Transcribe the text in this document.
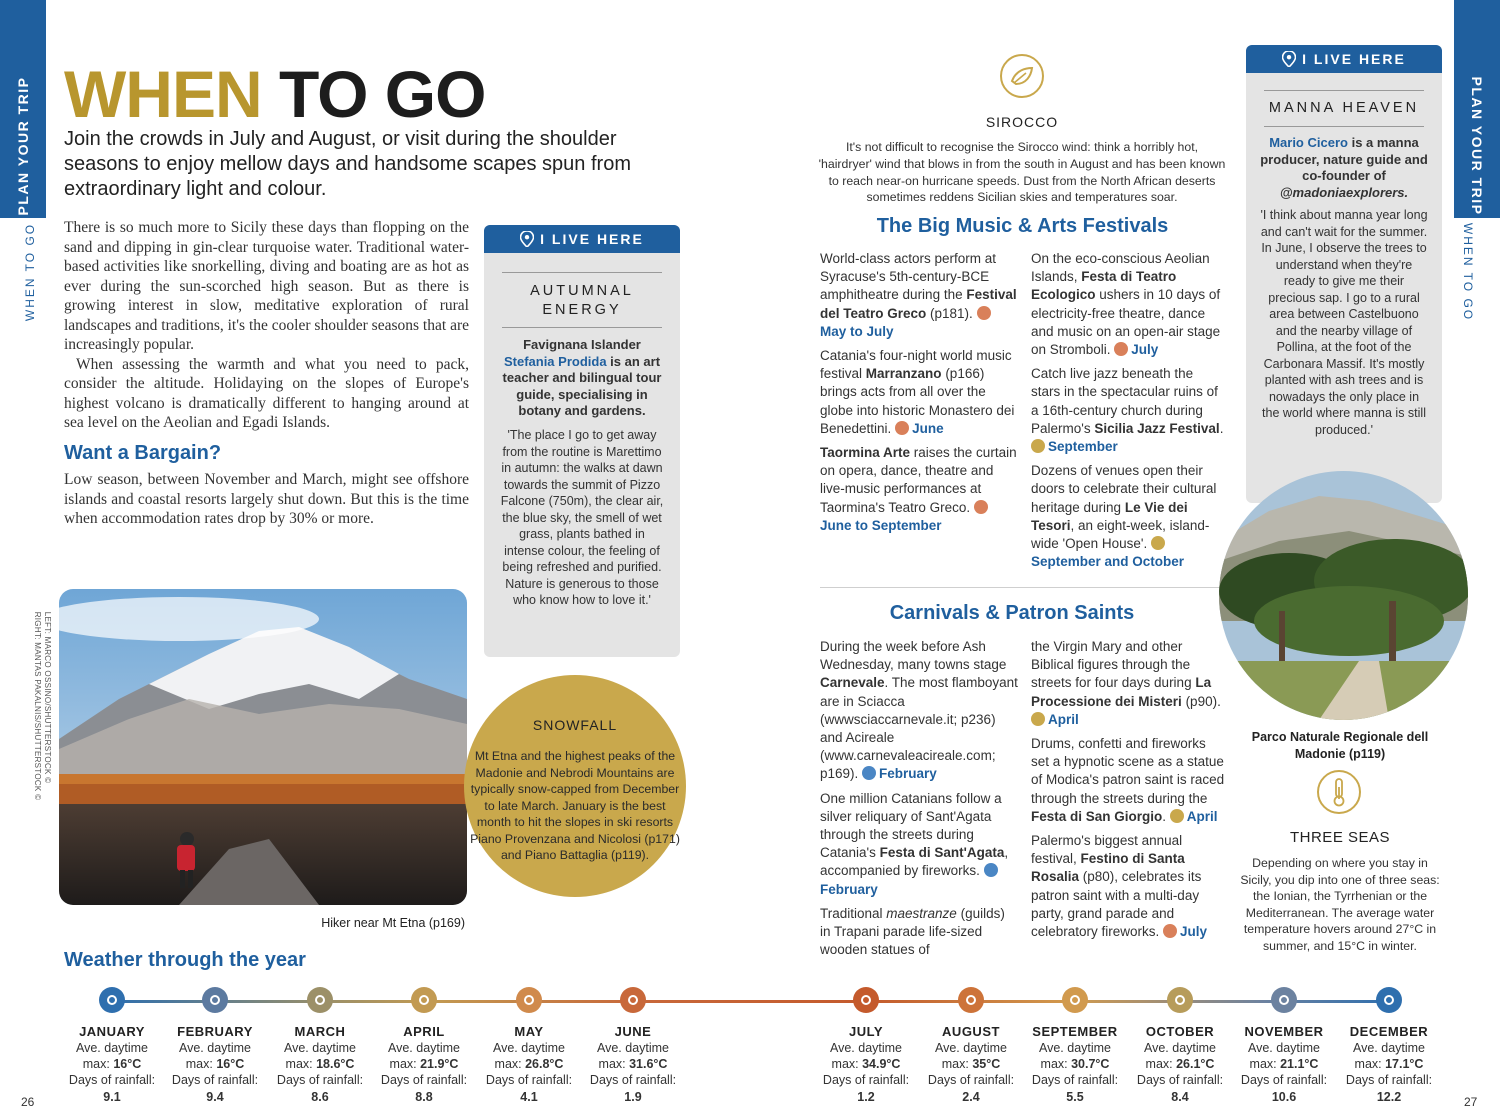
PLAN YOUR TRIP
WHEN TO GO
PLAN YOUR TRIP
WHEN TO GO
LEFT: MARCO OSSINO/SHUTTERSTOCK ©
RIGHT: MANTAS PAKALNIS/SHUTTERSTOCK ©
WHEN TO GO
Join the crowds in July and August, or visit during the shoulder seasons to enjoy mellow days and handsome scapes spun from extraordinary light and colour.

There is so much more to Sicily these days than flopping on the sand and dipping in gin-clear turquoise water. Traditional water-based activities like snorkelling, diving and boating are as hot as ever during the sun-scorched high season. But as there is growing interest in slow, meditative exploration of rural landscapes and traditions, it's the cooler shoulder seasons that are increasingly popular.

When assessing the warmth and what you need to pack, consider the altitude. Holidaying on the slopes of Europe's highest volcano is dramatically different to hanging around at sea level on the Aeolian and Egadi Islands.

Want a Bargain?
Low season, between November and March, might see offshore islands and coastal resorts largely shut down. But this is the time when accommodation rates drop by 30% or more.
I LIVE HERE
AUTUMNAL ENERGY
Favignana Islander Stefania Prodida is an art teacher and bilingual tour guide, specialising in botany and gardens.
'The place I go to get away from the routine is Marettimo in autumn: the walks at dawn towards the summit of Pizzo Falcone (750m), the clear air, the blue sky, the smell of wet grass, plants bathed in intense colour, the feeling of being refreshed and purified. Nature is generous to those who know how to love it.'
Hiker near Mt Etna (p169)
SNOWFALL
Mt Etna and the highest peaks of the Madonie and Nebrodi Mountains are typically snow-capped from December to late March. January is the best month to hit the slopes in ski resorts Piano Provenzana and Nicolosi (p171) and Piano Battaglia (p119).
SIROCCO
It's not difficult to recognise the Sirocco wind: think a horribly hot, 'hairdryer' wind that blows in from the south in August and has been known to reach near-on hurricane speeds. Dust from the North African deserts sometimes reddens Sicilian skies and temperatures soar.
The Big Music & Arts Festivals

World-class actors perform at Syracuse's 5th-century-BCE amphitheatre during the Festival del Teatro Greco (p181). May to July

Catania's four-night world music festival Marranzano (p166) brings acts from all over the globe into historic Monastero dei Benedettini. June

Taormina Arte raises the curtain on opera, dance, theatre and live-music performances at Taormina's Teatro Greco. June to September

On the eco-conscious Aeolian Islands, Festa di Teatro Ecologico ushers in 10 days of electricity-free theatre, dance and music on an open-air stage on Stromboli. July

Catch live jazz beneath the stars in the spectacular ruins of a 16th-century church during Palermo's Sicilia Jazz Festival. September

Dozens of venues open their doors to celebrate their cultural heritage during Le Vie dei Tesori, an eight-week, island-wide 'Open House'. September and October

Carnivals & Patron Saints

During the week before Ash Wednesday, many towns stage Carnevale. The most flamboyant are in Sciacca (wwwsciaccarnevale.it; p236) and Acireale (www.carnevaleacireale.com; p169). February

One million Catanians follow a silver reliquary of Sant'Agata through the streets during Catania's Festa di Sant'Agata, accompanied by fireworks. February

Traditional maestranze (guilds) in Trapani parade life-sized wooden statues of

the Virgin Mary and other Biblical figures through the streets for four days during La Processione dei Misteri (p90). April

Drums, confetti and fireworks set a hypnotic scene as a statue of Modica's patron saint is raced through the streets during the Festa di San Giorgio. April

Palermo's biggest annual festival, Festino di Santa Rosalia (p80), celebrates its patron saint with a multi-day party, grand parade and celebratory fireworks. July

I LIVE HERE
MANNA HEAVEN
Mario Cicero is a manna producer, nature guide and co-founder of @madoniaexplorers.
'I think about manna year long and can't wait for the summer. In June, I observe the trees to understand when they're ready to give me their precious sap. I go to a rural area between Castelbuono and the nearby village of Pollina, at the foot of the Carbonara Massif. It's mostly planted with ash trees and is nowadays the only place in the world where manna is still produced.'
Parco Naturale Regionale dell Madonie (p119)
THREE SEAS
Depending on where you stay in Sicily, you dip into one of three seas: the Ionian, the Tyrrhenian or the Mediterranean. The average water temperature hovers around 27°C in summer, and 15°C in winter.
Weather through the year
JANUARY
Ave. daytime
max: 16°C
Days of rainfall:
9.1
FEBRUARY
Ave. daytime
max: 16°C
Days of rainfall:
9.4
MARCH
Ave. daytime
max: 18.6°C
Days of rainfall:
8.6
APRIL
Ave. daytime
max: 21.9°C
Days of rainfall:
8.8
MAY
Ave. daytime
max: 26.8°C
Days of rainfall:
4.1
JUNE
Ave. daytime
max: 31.6°C
Days of rainfall:
1.9
JULY
Ave. daytime
max: 34.9°C
Days of rainfall:
1.2
AUGUST
Ave. daytime
max: 35°C
Days of rainfall:
2.4
SEPTEMBER
Ave. daytime
max: 30.7°C
Days of rainfall:
5.5
OCTOBER
Ave. daytime
max: 26.1°C
Days of rainfall:
8.4
NOVEMBER
Ave. daytime
max: 21.1°C
Days of rainfall:
10.6
DECEMBER
Ave. daytime
max: 17.1°C
Days of rainfall:
12.2
26	27
